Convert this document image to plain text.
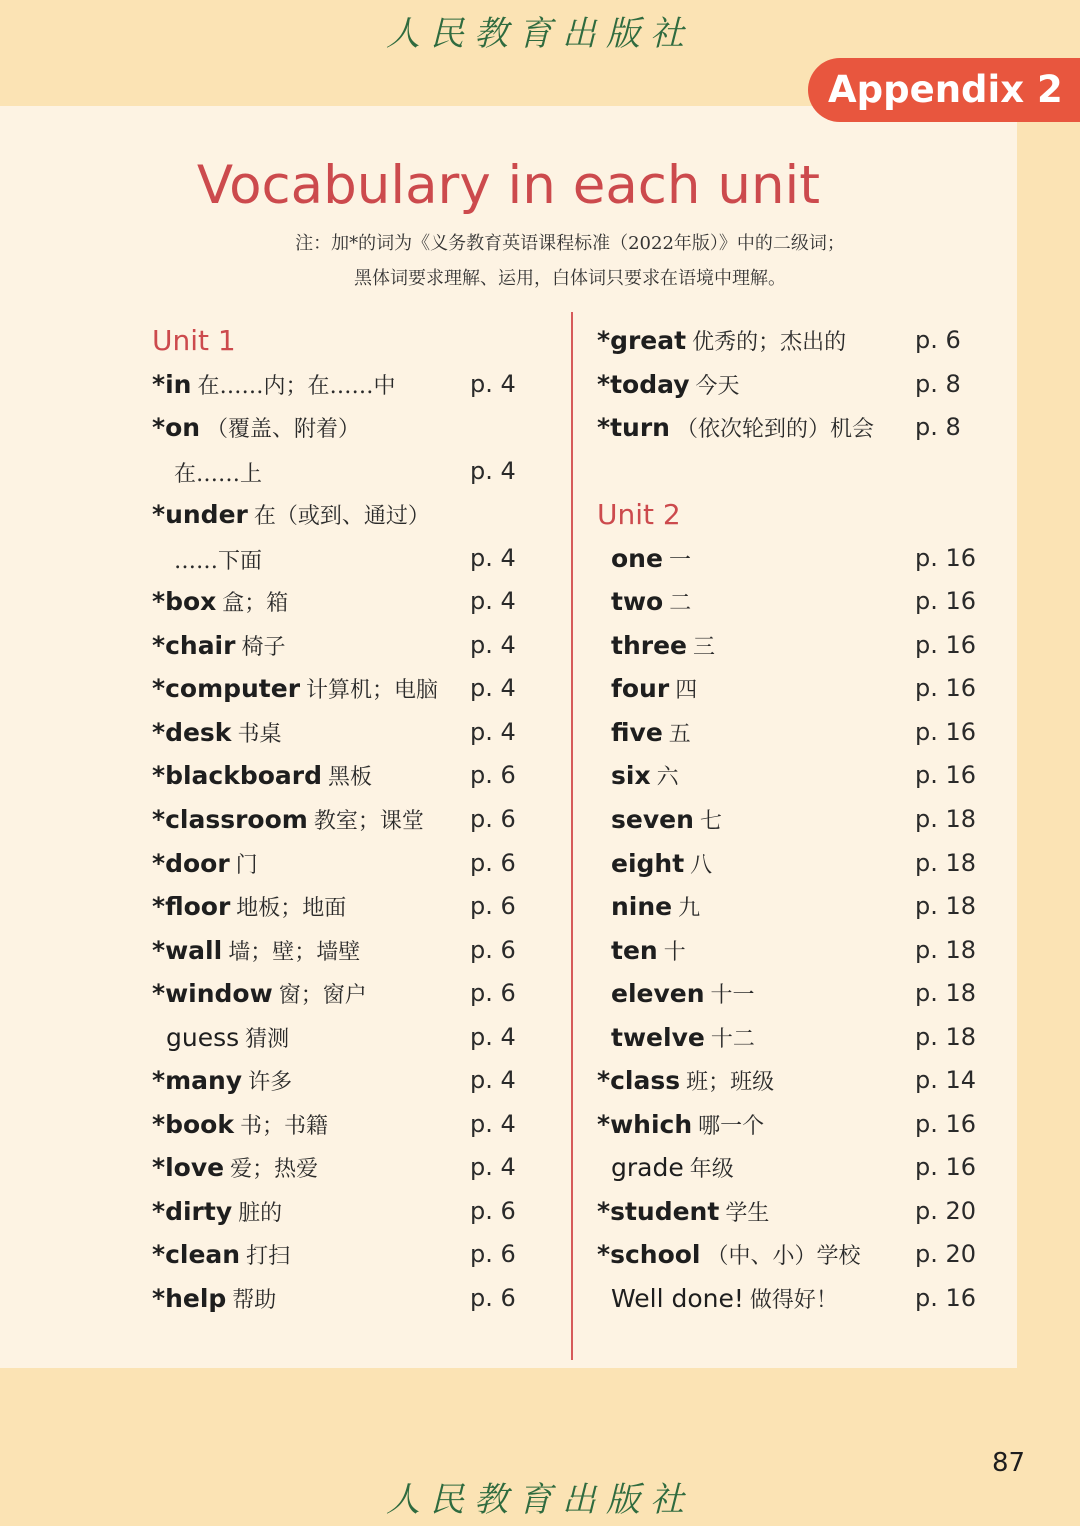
人民教育出版社
Appendix 2
Vocabulary in each unit
注：加*的词为《义务教育英语课程标准（2022年版）》中的二级词；
黑体词要求理解、运用，白体词只要求在语境中理解。
Unit 1
*in 在……内；在……中	p. 4
*on （覆盖、附着）
在……上	p. 4
*under 在（或到、通过）
……下面	p. 4
*box 盒；箱	p. 4
*chair 椅子	p. 4
*computer 计算机；电脑 p. 4
*desk 书桌	p. 4
*blackboard 黑板	p. 6
*classroom 教室；课堂 p. 6
*door 门	p. 6
*floor 地板；地面	p. 6
*wall 墙；壁；墙壁	p. 6
*window 窗；窗户	p. 6
guess 猜测	p. 4
*many 许多	p. 4
*book 书；书籍	p. 4
*love 爱；热爱	p. 4
*dirty 脏的	p. 6
*clean 打扫	p. 6
*help 帮助	p. 6
*great 优秀的；杰出的	p. 6
*today 今天	p. 8
*turn （依次轮到的）机会 p. 8
Unit 2
one 一	p. 16
two 二	p. 16
three 三	p. 16
four 四	p. 16
five 五	p. 16
six 六	p. 16
seven 七	p. 18
eight 八	p. 18
nine 九	p. 18
ten 十	p. 18
eleven 十一	p. 18
twelve 十二	p. 18
*class 班；班级	p. 14
*which 哪一个	p. 16
grade 年级	p. 16
*student 学生	p. 20
*school （中、小）学校 p. 20
Well done! 做得好！	p. 16
87
人民教育出版社
